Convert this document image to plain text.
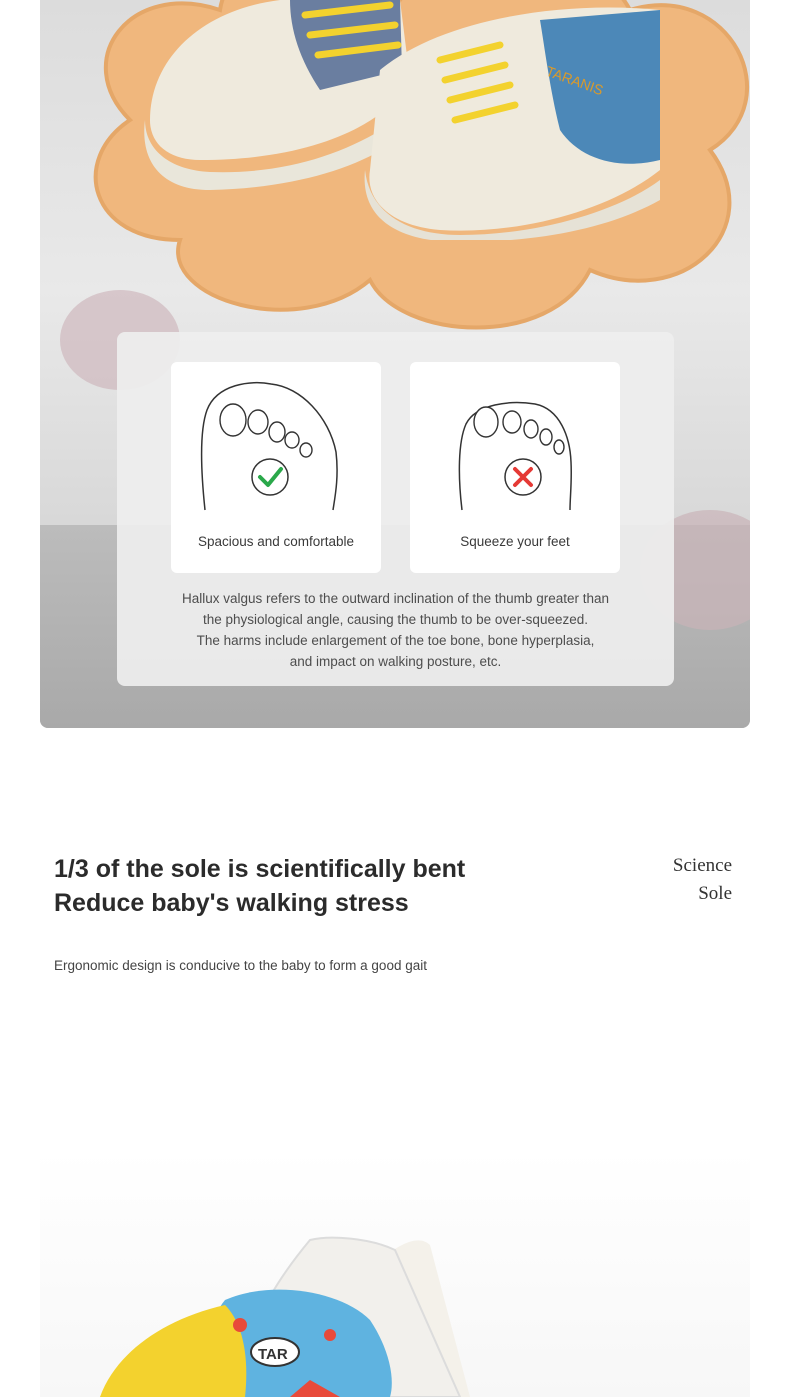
TARANIS
Spacious and comfortable	Squeeze your feet
Hallux valgus refers to the outward inclination of the thumb greater than
the physiological angle, causing the thumb to be over-squeezed.
The harms include enlargement of the toe bone, bone hyperplasia,
and impact on walking posture, etc.
1/3 of the sole is scientifically bent
Reduce baby's walking stress
Science
Sole
Ergonomic design is conducive to the baby to form a good gait
TAR
